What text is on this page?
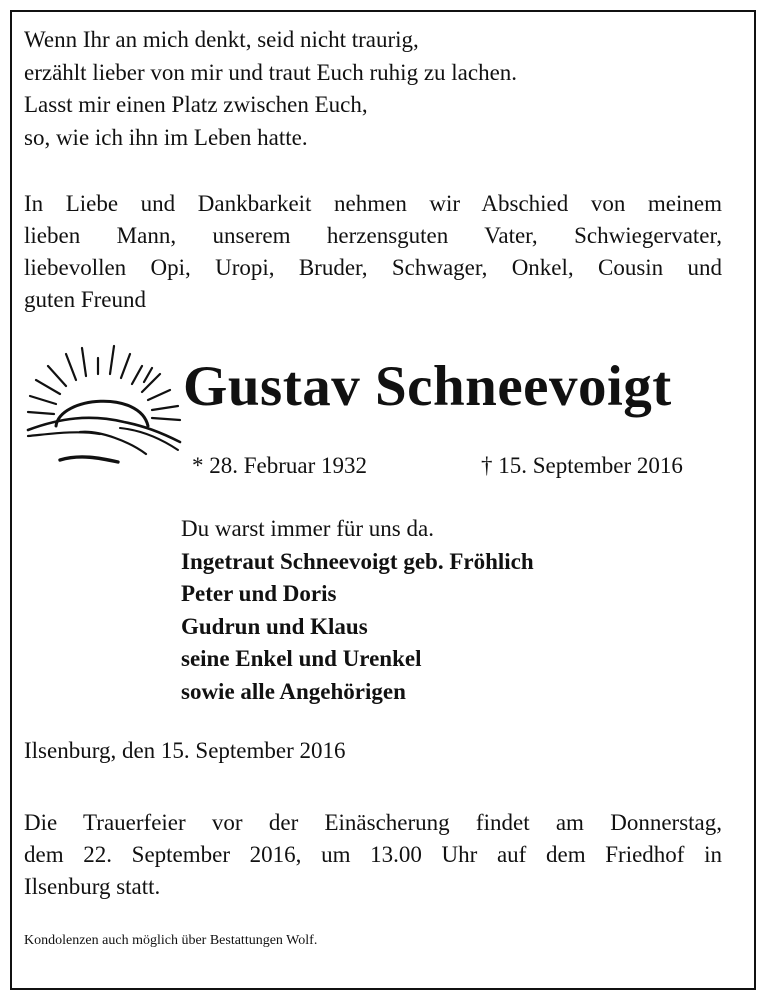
Wenn Ihr an mich denkt, seid nicht traurig,
erzählt lieber von mir und traut Euch ruhig zu lachen.
Lasst mir einen Platz zwischen Euch,
so, wie ich ihn im Leben hatte.
In Liebe und Dankbarkeit nehmen wir Abschied von meinem
lieben Mann, unserem herzensguten Vater, Schwiegervater,
liebevollen Opi, Uropi, Bruder, Schwager, Onkel, Cousin und
guten Freund
Gustav Schneevoigt
* 28. Februar 1932	† 15. September 2016
Du warst immer für uns da.
Ingetraut Schneevoigt geb. Fröhlich
Peter und Doris
Gudrun und Klaus
seine Enkel und Urenkel
sowie alle Angehörigen
Ilsenburg, den 15. September 2016
Die Trauerfeier vor der Einäscherung findet am Donnerstag,
dem 22. September 2016, um 13.00 Uhr auf dem Friedhof in
Ilsenburg statt.
Kondolenzen auch möglich über Bestattungen Wolf.
